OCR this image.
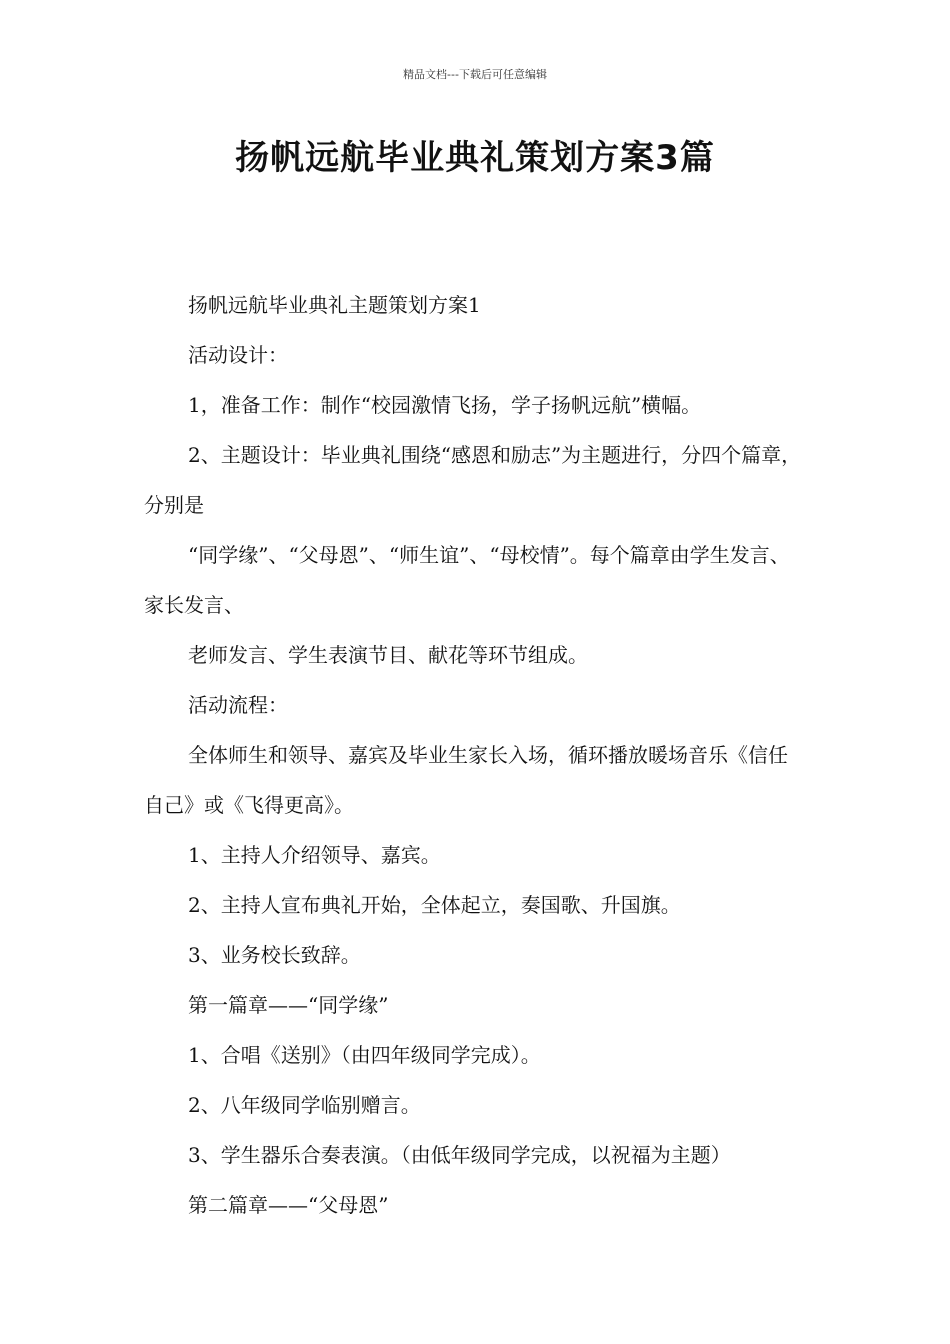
精品文档---下载后可任意编辑
扬帆远航毕业典礼策划方案3篇

扬帆远航毕业典礼主题策划方案1

活动设计：

1，准备工作：制作“校园激情飞扬，学子扬帆远航”横幅。

2、主题设计：毕业典礼围绕“感恩和励志”为主题进行，分四个篇章，分别是

“同学缘”、“父母恩”、“师生谊”、“母校情”。每个篇章由学生发言、家长发言、

老师发言、学生表演节目、献花等环节组成。

活动流程：

全体师生和领导、嘉宾及毕业生家长入场，循环播放暖场音乐《信任自己》或《飞得更高》。

1、主持人介绍领导、嘉宾。

2、主持人宣布典礼开始，全体起立，奏国歌、升国旗。

3、业务校长致辞。

第一篇章——“同学缘”

1、合唱《送别》（由四年级同学完成）。

2、八年级同学临别赠言。

3、学生器乐合奏表演。（由低年级同学完成，以祝福为主题）

第二篇章——“父母恩”
